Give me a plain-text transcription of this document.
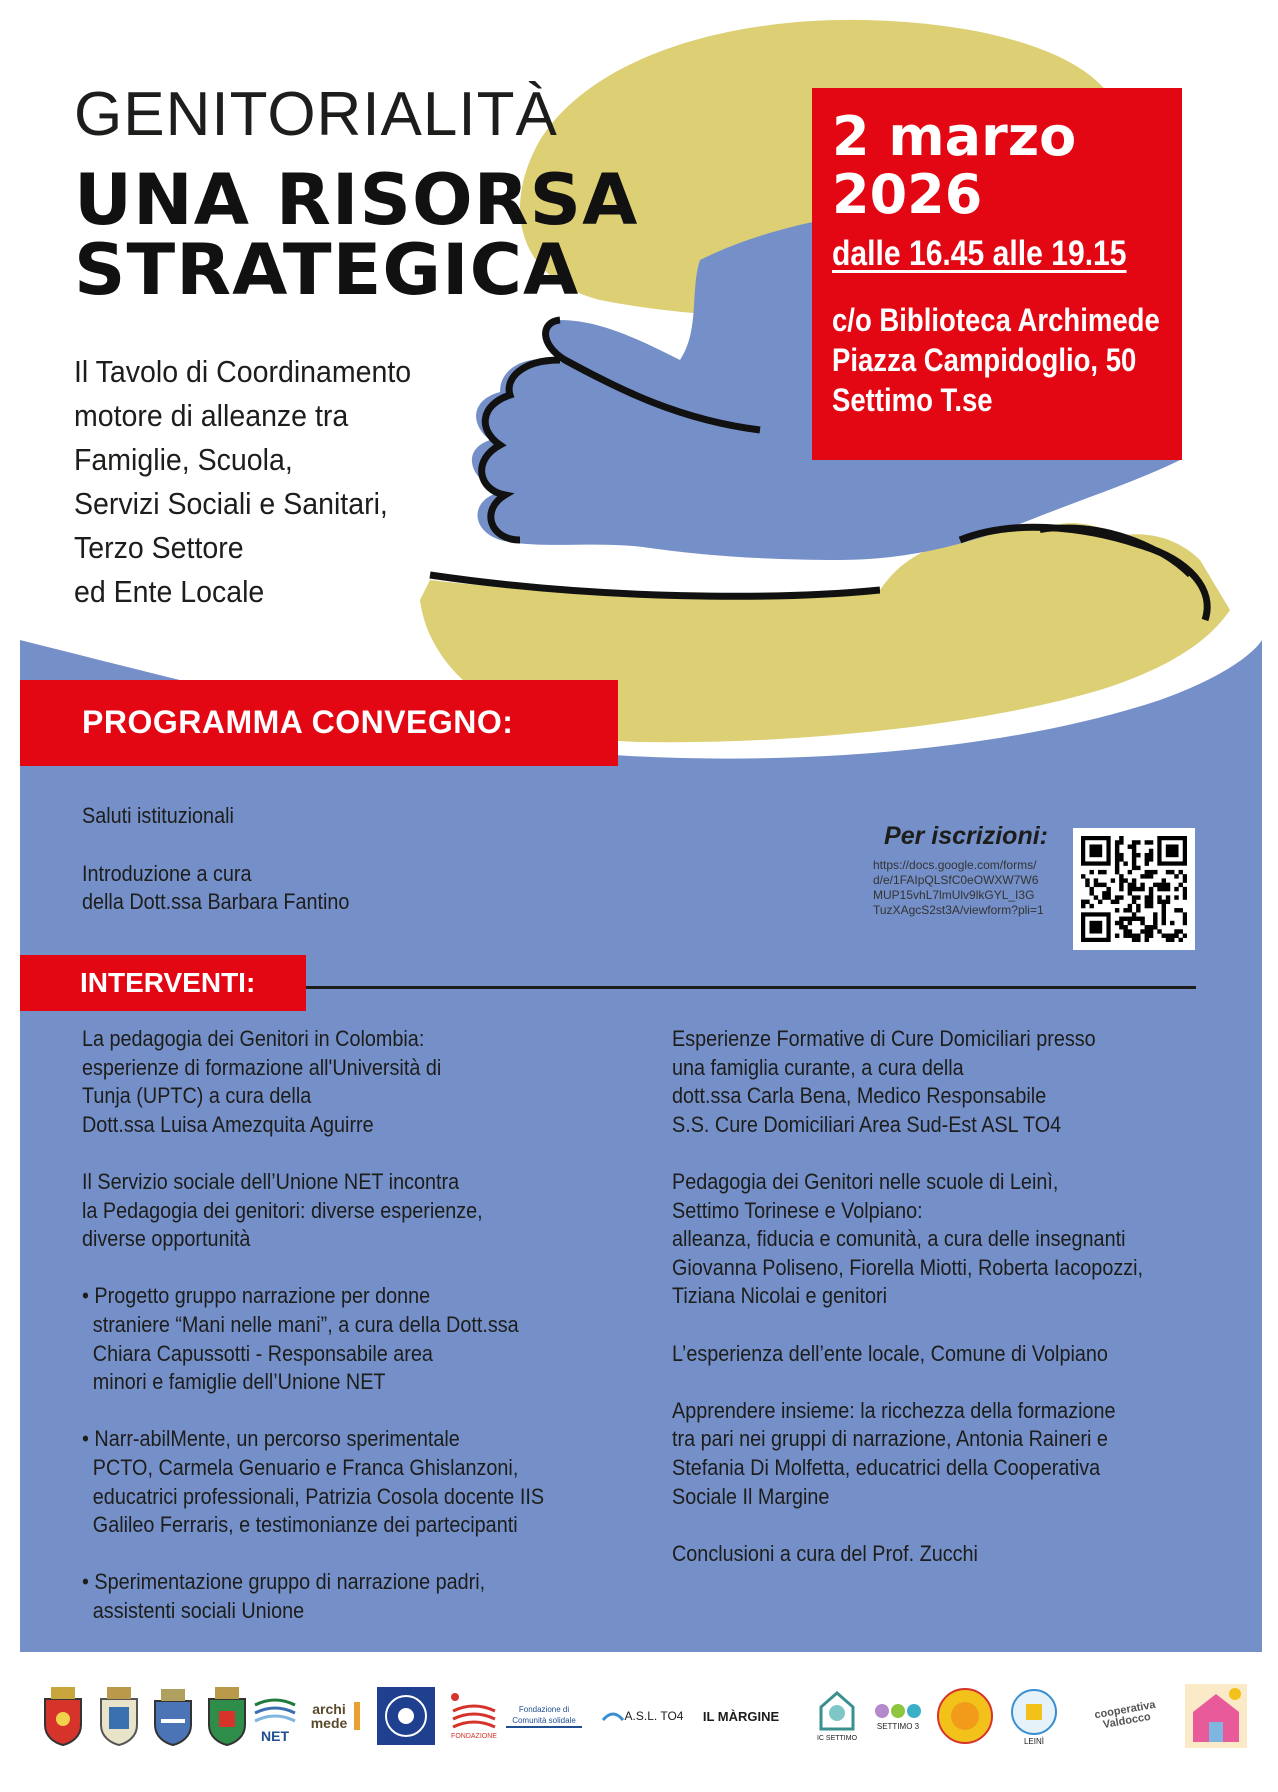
GENITORIALITÀ
UNA RISORSA
STRATEGICA
Il Tavolo di Coordinamento
motore di alleanze tra
Famiglie, Scuola,
Servizi Sociali e Sanitari,
Terzo Settore
ed Ente Locale
2 marzo
2026
dalle 16.45 alle 19.15
c/o Biblioteca Archimede
Piazza Campidoglio, 50
Settimo T.se
PROGRAMMA CONVEGNO:
Saluti istituzionali
Introduzione a cura
della Dott.ssa Barbara Fantino
Per iscrizioni:
https://docs.google.com/forms/
d/e/1FAIpQLSfC0eOWXW7W6
MUP15vhL7lmUlv9lkGYL_I3G
TuzXAgcS2st3A/viewform?pli=1
INTERVENTI:
La pedagogia dei Genitori in Colombia:
esperienze di formazione all'Università di
Tunja (UPTC) a cura della
Dott.ssa Luisa Amezquita Aguirre
Il Servizio sociale dell’Unione NET incontra
la Pedagogia dei genitori: diverse esperienze,
diverse opportunità
• Progetto gruppo narrazione per donne
straniere “Mani nelle mani”, a cura della Dott.ssa
Chiara Capussotti - Responsabile area
minori e famiglie dell’Unione NET
• Narr-abilMente, un percorso sperimentale
PCTO, Carmela Genuario e Franca Ghislanzoni,
educatrici professionali, Patrizia Cosola docente IIS
Galileo Ferraris, e testimonianze dei partecipanti
• Sperimentazione gruppo di narrazione padri,
assistenti sociali Unione
Esperienze Formative di Cure Domiciliari presso
una famiglia curante, a cura della
dott.ssa Carla Bena, Medico Responsabile
S.S. Cure Domiciliari Area Sud-Est ASL TO4
Pedagogia dei Genitori nelle scuole di Leinì,
Settimo Torinese e Volpiano:
alleanza, fiducia e comunità, a cura delle insegnanti
Giovanna Poliseno, Fiorella Miotti, Roberta Iacopozzi,
Tiziana Nicolai e genitori
L’esperienza dell’ente locale, Comune di Volpiano
Apprendere insieme: la ricchezza della formazione
tra pari nei gruppi di narrazione, Antonia Raineri e
Stefania Di Molfetta, educatrici della Cooperativa
Sociale Il Margine
Conclusioni a cura del Prof. Zucchi
NET
archi mede
FONDAZIONE
Fondazione di Comunità solidale	A.S.L. TO4 IL MÀRGINE
IC SETTIMO
SETTIMO 3
LEINÌ
cooperativa Valdocco
